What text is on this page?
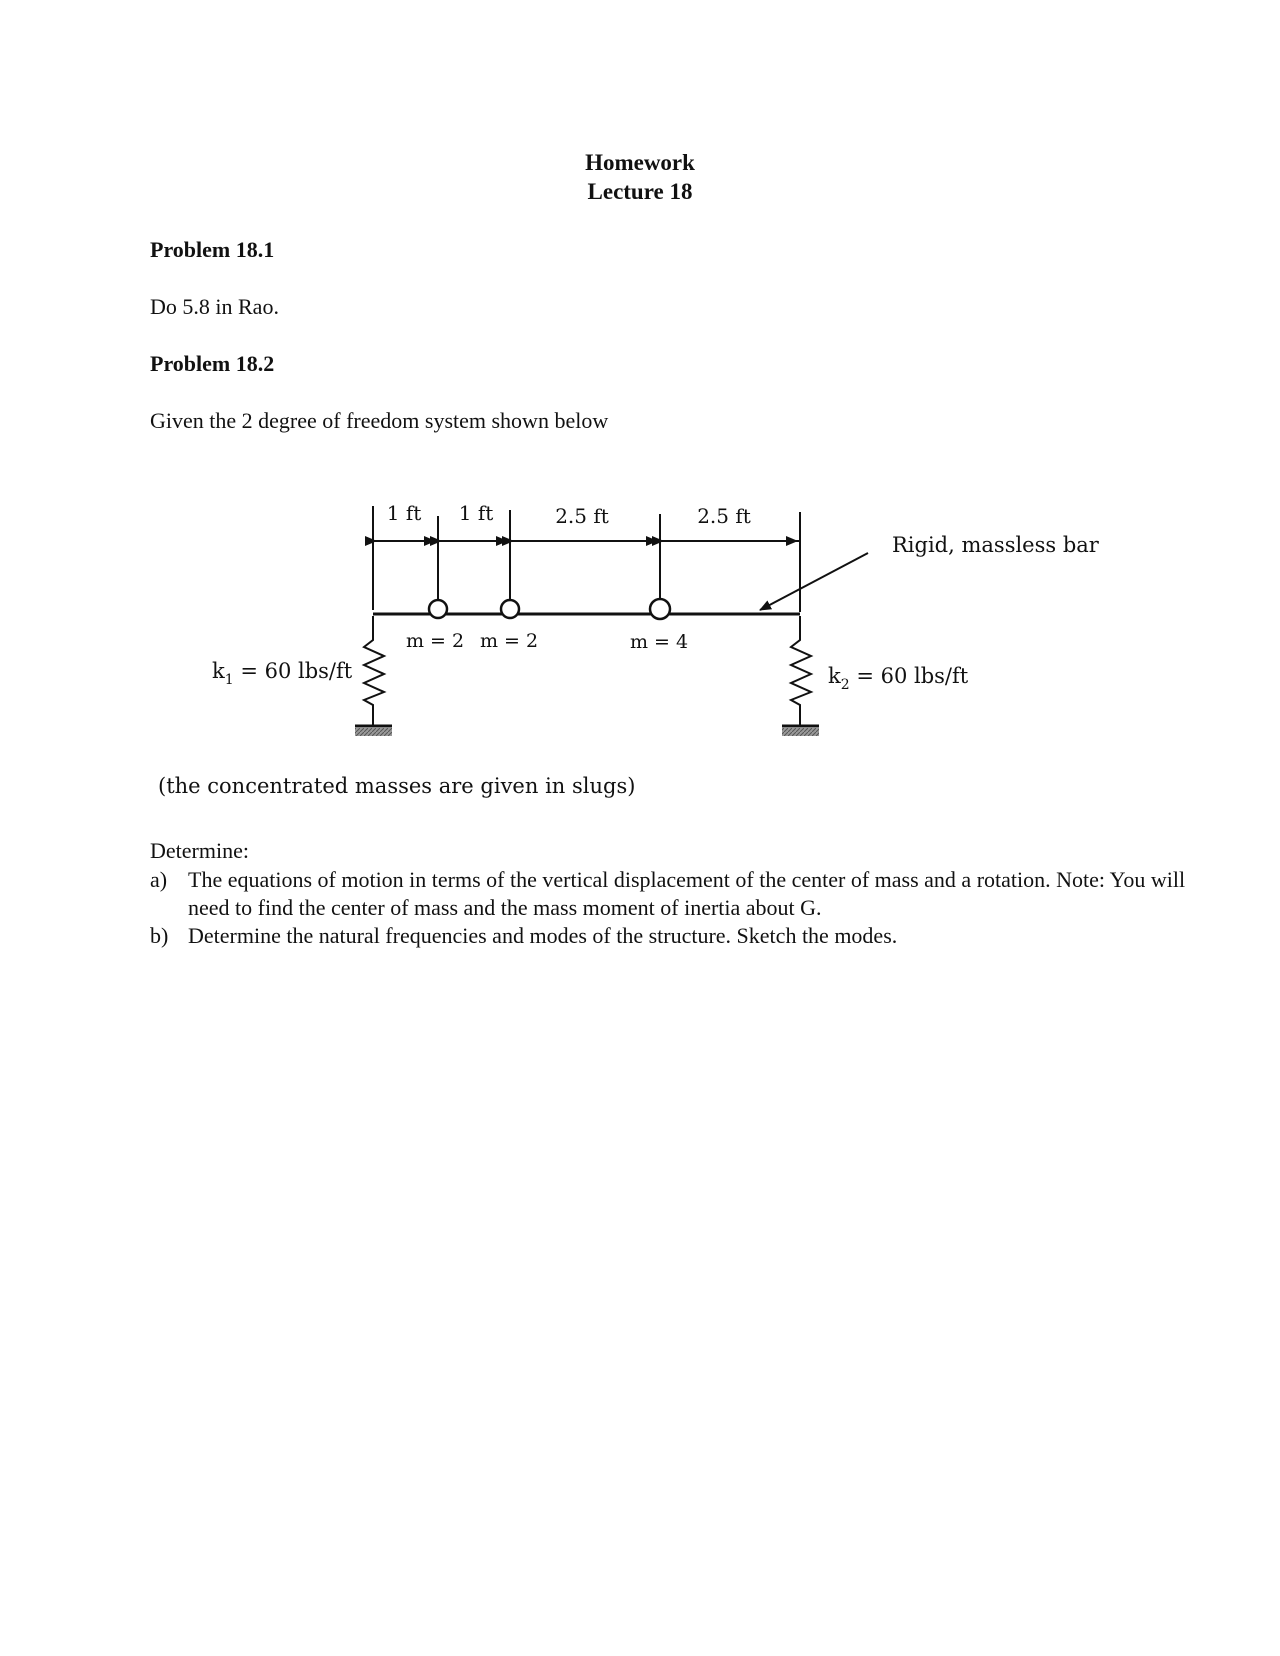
Homework
Lecture 18
Problem 18.1
Do 5.8 in Rao.
Problem 18.2
Given the 2 degree of freedom system shown below
1 ft 1 ft	2.5 ft	2.5 ft
m = 2 m = 2	m = 4
Rigid, massless bar
$k_1 = 60$ lbs/ft	$k_2 = 60$ lbs/ft
(the concentrated masses are given in slugs)
Determine:
a) The equations of motion in terms of the vertical displacement of the center of mass and a rotation. Note: You will need to find the center of mass and the mass moment of inertia about G.
b) Determine the natural frequencies and modes of the structure. Sketch the modes.
